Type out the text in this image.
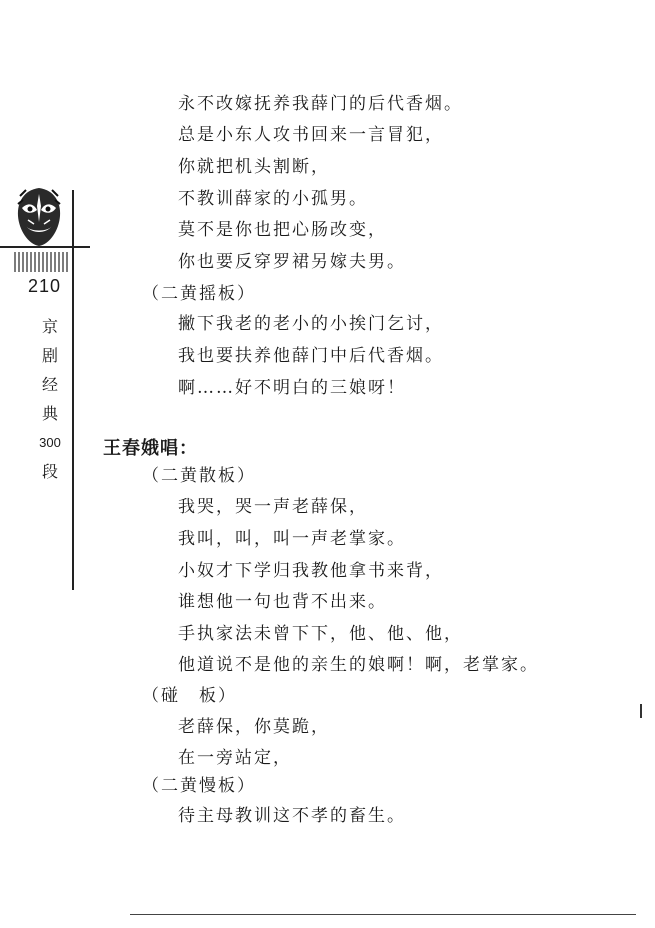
210
京
剧
经
典
300
段
永不改嫁抚养我薛门的后代香烟。
总是小东人攻书回来一言冒犯，
你就把机头割断，
不教训薛家的小孤男。
莫不是你也把心肠改变，
你也要反穿罗裙另嫁夫男。
（二黄摇板）
撇下我老的老小的小挨门乞讨，
我也要扶养他薛门中后代香烟。
啊……好不明白的三娘呀！
王春娥唱：
（二黄散板）
我哭，哭一声老薛保，
我叫，叫，叫一声老掌家。
小奴才下学归我教他拿书来背，
谁想他一句也背不出来。
手执家法未曾下下，他、他、他，
他道说不是他的亲生的娘啊！啊，老掌家。
（碰　板）
老薛保，你莫跪，
在一旁站定，
（二黄慢板）
待主母教训这不孝的畜生。
